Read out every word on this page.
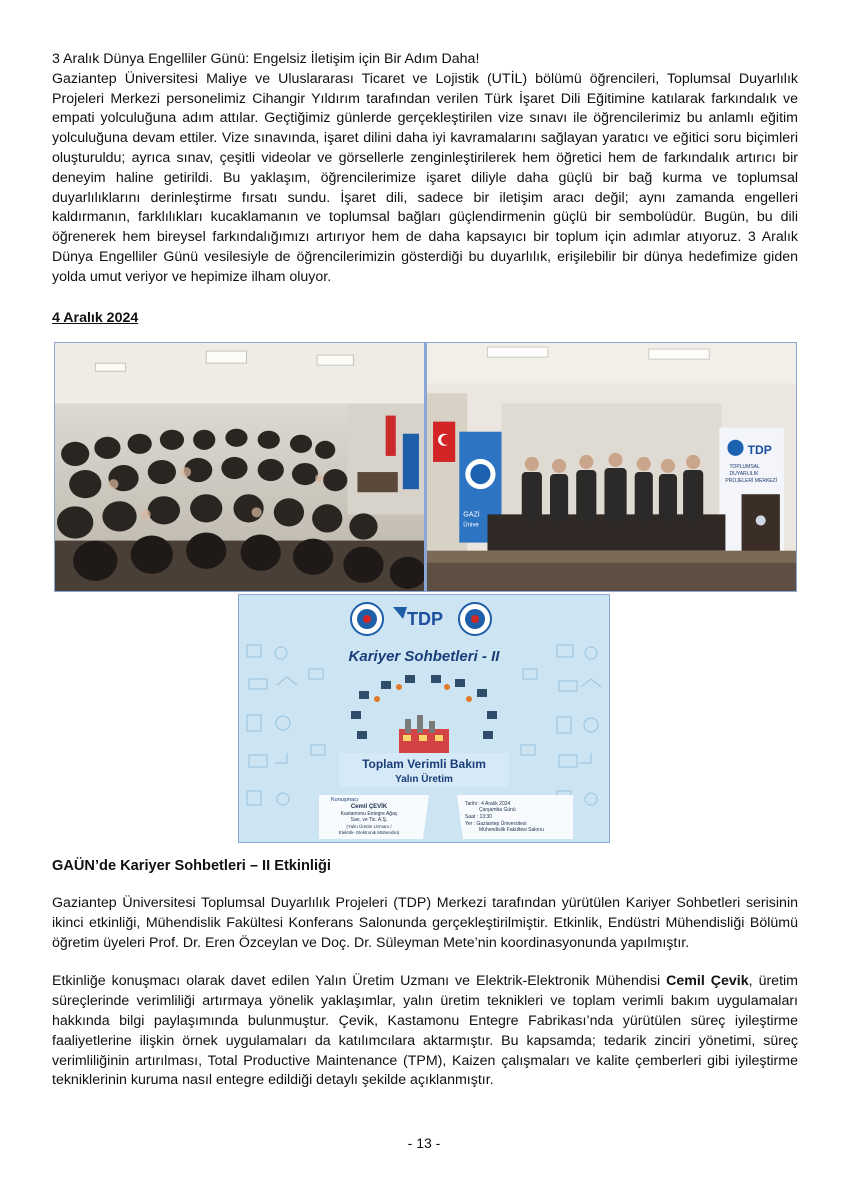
3 Aralık Dünya Engelliler Günü: Engelsiz İletişim için Bir Adım Daha!
Gaziantep Üniversitesi Maliye ve Uluslararası Ticaret ve Lojistik (UTİL) bölümü öğrencileri, Toplumsal Duyarlılık Projeleri Merkezi personelimiz Cihangir Yıldırım tarafından verilen Türk İşaret Dili Eğitimine katılarak farkındalık ve empati yolculuğuna adım attılar. Geçtiğimiz günlerde gerçekleştirilen vize sınavı ile öğrencilerimiz bu anlamlı eğitim yolculuğuna devam ettiler. Vize sınavında, işaret dilini daha iyi kavramalarını sağlayan yaratıcı ve eğitici soru biçimleri oluşturuldu; ayrıca sınav, çeşitli videolar ve görsellerle zenginleştirilerek hem öğretici hem de farkındalık artırıcı bir deneyim haline getirildi. Bu yaklaşım, öğrencilerimize işaret diliyle daha güçlü bir bağ kurma ve toplumsal duyarlılıklarını derinleştirme fırsatı sundu. İşaret dili, sadece bir iletişim aracı değil; aynı zamanda engelleri kaldırmanın, farklılıkları kucaklamanın ve toplumsal bağları güçlendirmenin güçlü bir sembolüdür. Bugün, bu dili öğrenerek hem bireysel farkındalığımızı artırıyor hem de daha kapsayıcı bir toplum için adımlar atıyoruz. 3 Aralık Dünya Engelliler Günü vesilesiyle de öğrencilerimizin gösterdiği bu duyarlılık, erişilebilir bir dünya hedefimize giden yolda umut veriyor ve hepimize ilham oluyor.

4 Aralık 2024
GAZİ
Ünive
TDP
TOPLUMSAL
DUYARLILIK
PROJELERİ MERKEZİ
TDP
Kariyer Sohbetleri - II
Toplam Verimli Bakım
Yalın Üretim
Konuşmacı
Cemil ÇEVİK
Kastamonu Entegre Ağaç
San. ve Tic. A.Ş.
(Yalın Üretim Uzmanı /
Elektrik- Elektronik Mühendisi)
Tarihi : 4 Aralık 2024
Çarşamba Günü
Saat : 13:30
Yer : Gaziantep Üniversitesi
Mühendislik Fakültesi Salonu
GAÜN’de Kariyer Sohbetleri – II Etkinliği

Gaziantep Üniversitesi Toplumsal Duyarlılık Projeleri (TDP) Merkezi tarafından yürütülen Kariyer Sohbetleri serisinin ikinci etkinliği, Mühendislik Fakültesi Konferans Salonunda gerçekleştirilmiştir. Etkinlik, Endüstri Mühendisliği Bölümü öğretim üyeleri Prof. Dr. Eren Özceylan ve Doç. Dr. Süleyman Mete’nin koordinasyonunda yapılmıştır.

Etkinliğe konuşmacı olarak davet edilen Yalın Üretim Uzmanı ve Elektrik-Elektronik Mühendisi Cemil Çevik, üretim süreçlerinde verimliliği artırmaya yönelik yaklaşımlar, yalın üretim teknikleri ve toplam verimli bakım uygulamaları hakkında bilgi paylaşımında bulunmuştur. Çevik, Kastamonu Entegre Fabrikası’nda yürütülen süreç iyileştirme faaliyetlerine ilişkin örnek uygulamaları da katılımcılara aktarmıştır. Bu kapsamda; tedarik zinciri yönetimi, süreç verimliliğinin artırılması, Total Productive Maintenance (TPM), Kaizen çalışmaları ve kalite çemberleri gibi iyileştirme tekniklerinin kuruma nasıl entegre edildiği detaylı şekilde açıklanmıştır.

- 13 -
